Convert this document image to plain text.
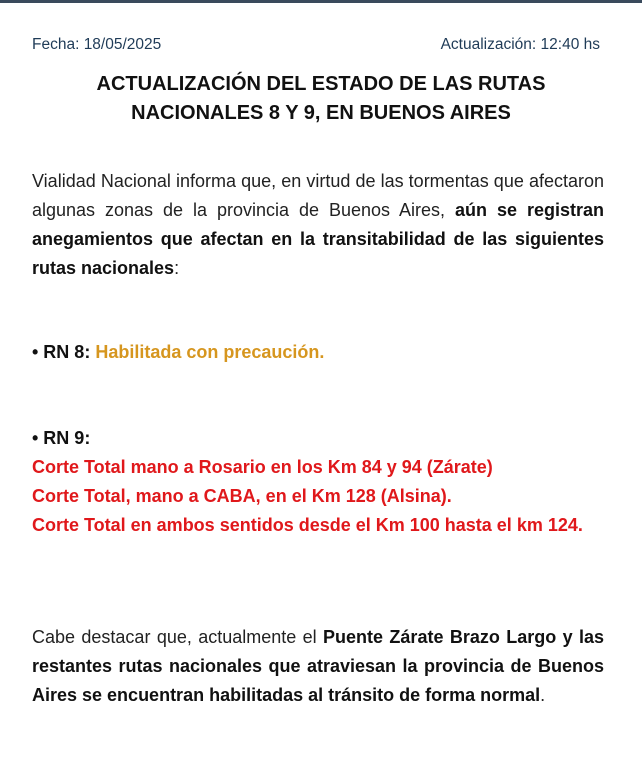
Fecha: 18/05/2025	Actualización: 12:40 hs
ACTUALIZACIÓN DEL ESTADO DE LAS RUTAS
NACIONALES 8 Y 9, EN BUENOS AIRES
Vialidad Nacional informa que, en virtud de las tormentas que afectaron algunas zonas de la provincia de Buenos Aires, aún se registran anegamientos que afectan en la transitabilidad de las siguientes rutas nacionales:
• RN 8: Habilitada con precaución.
• RN 9:
Corte Total mano a Rosario en los Km 84 y 94 (Zárate)
Corte Total, mano a CABA, en el Km 128 (Alsina).
Corte Total en ambos sentidos desde el Km 100 hasta el km 124.
Cabe destacar que, actualmente el Puente Zárate Brazo Largo y las restantes rutas nacionales que atraviesan la provincia de Buenos Aires se encuentran habilitadas al tránsito de forma normal.
